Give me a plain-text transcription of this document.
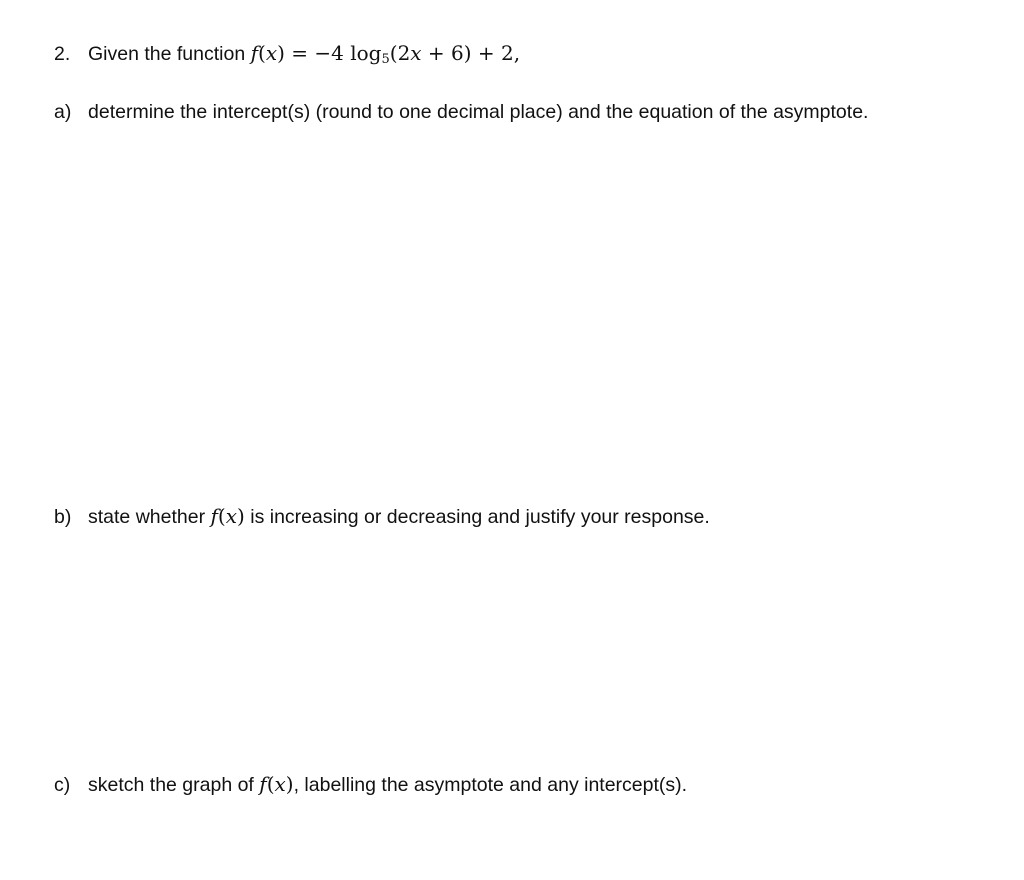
2. Given the function f(x) = −4 $\log_5(2x + 6) + 2$,
a) determine the intercept(s) (round to one decimal place) and the equation of the asymptote.
b) state whether f(x) is increasing or decreasing and justify your response.
c) sketch the graph of f(x), labelling the asymptote and any intercept(s).
